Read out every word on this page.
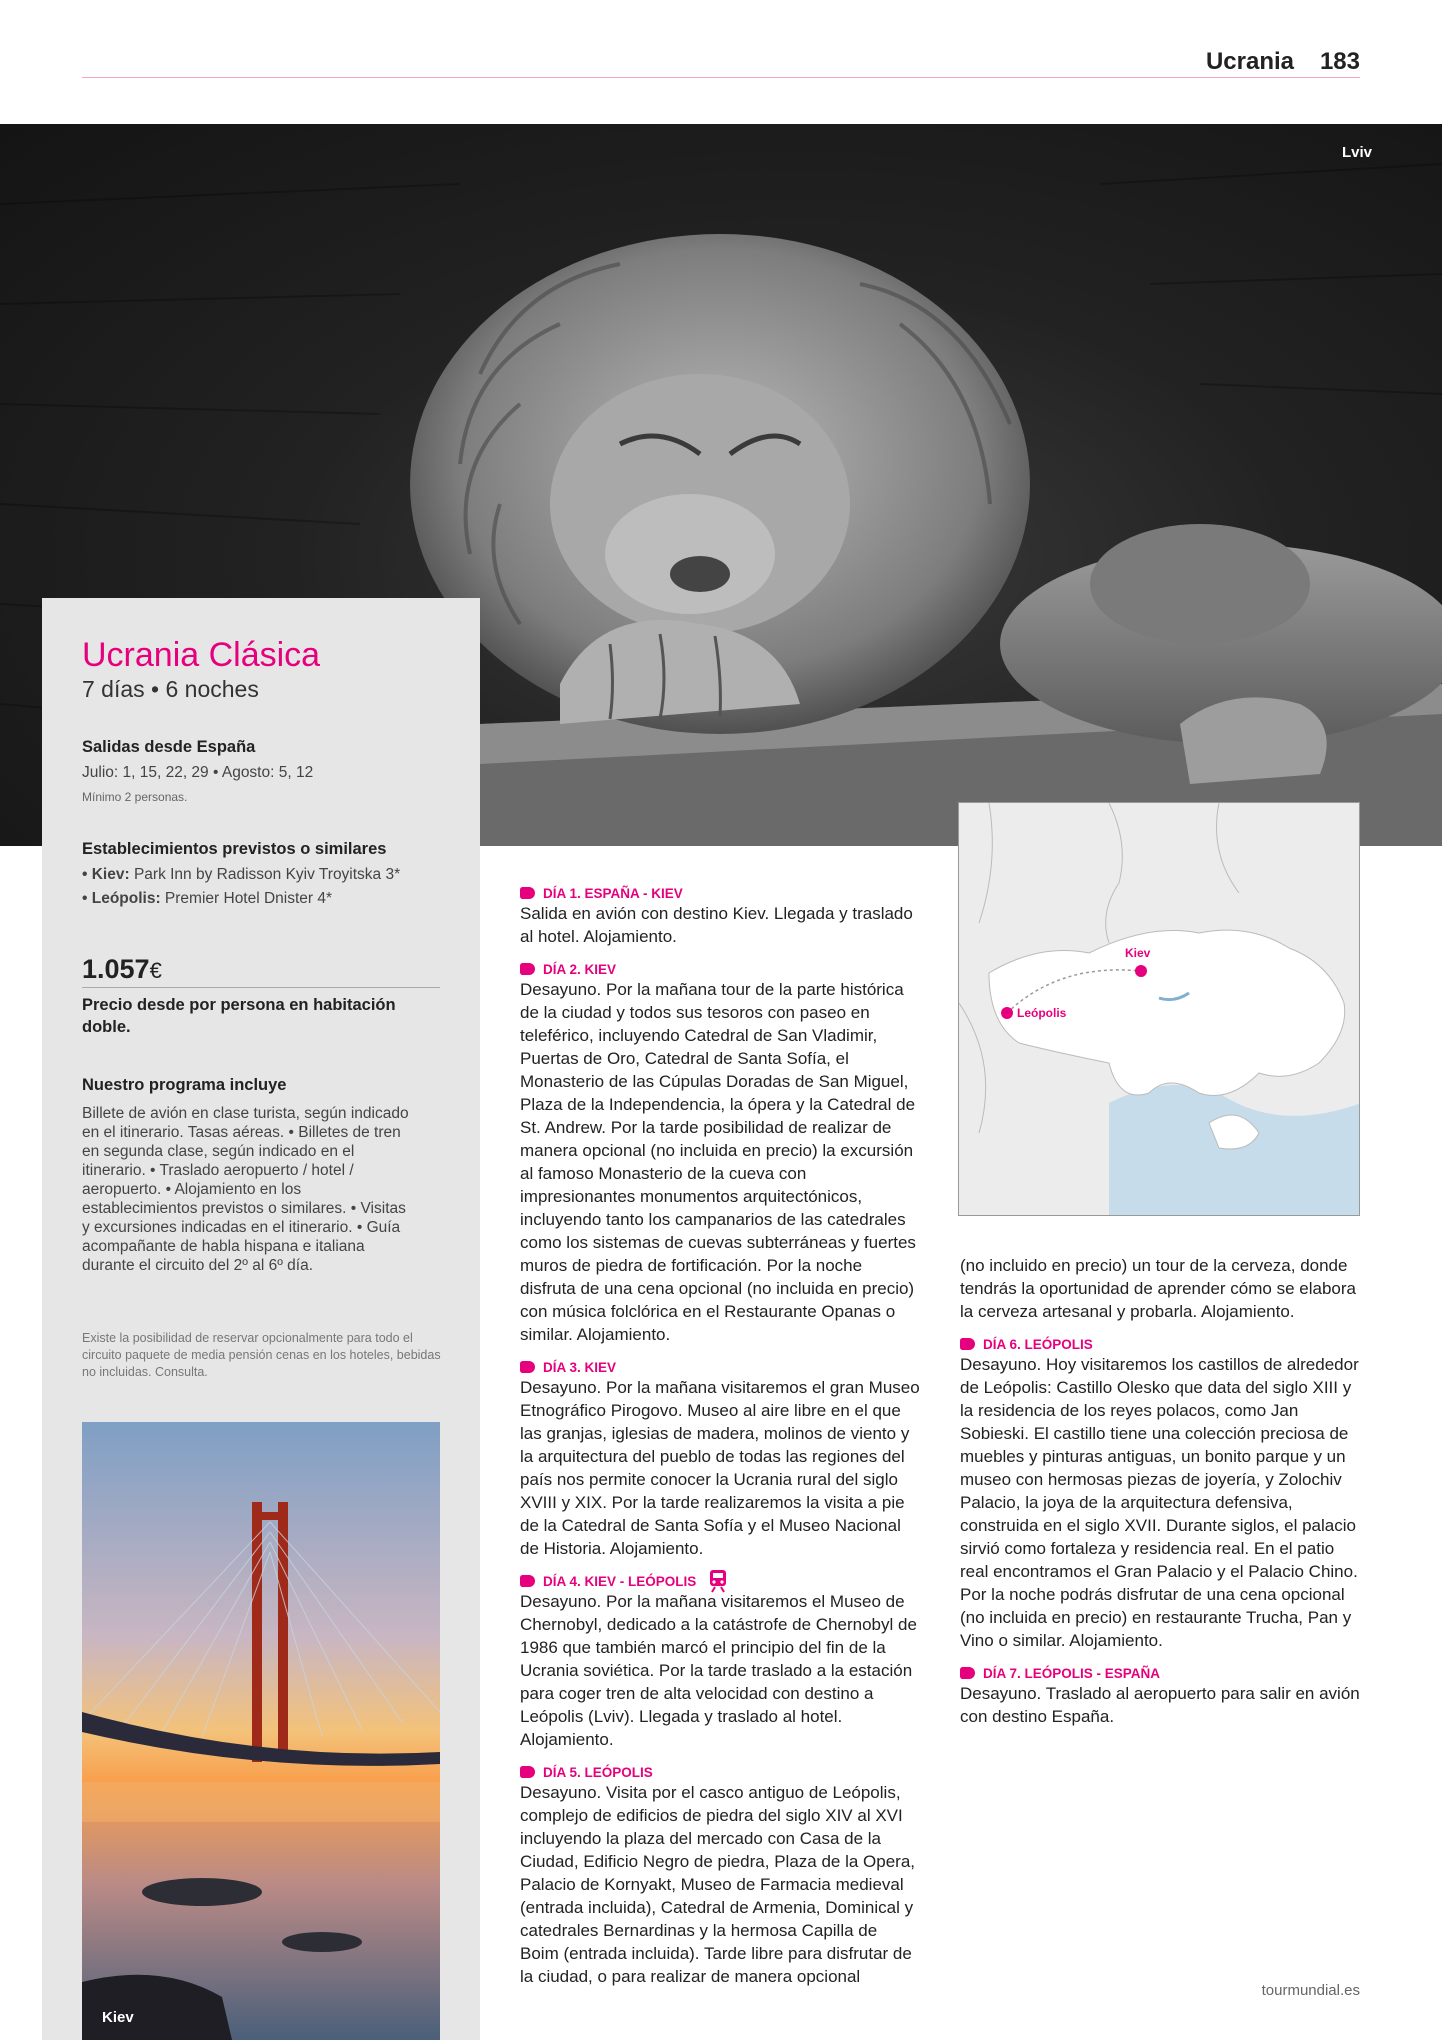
Ucrania 183
Lviv
Ucrania Clásica
7 días • 6 noches
Salidas desde España
Julio: 1, 15, 22, 29 • Agosto: 5, 12
Mínimo 2 personas.
Establecimientos previstos o similares
• Kiev: Park Inn by Radisson Kyiv Troyitska 3*
• Leópolis: Premier Hotel Dnister 4*
1.057€
Precio desde por persona en habitación doble.
Nuestro programa incluye
Billete de avión en clase turista, según indicado en el itinerario. Tasas aéreas. • Billetes de tren en segunda clase, según indicado en el itinerario. • Traslado aeropuerto / hotel / aeropuerto. • Alojamiento en los establecimientos previstos o similares. • Visitas y excursiones indicadas en el itinerario. • Guía acompañante de habla hispana e italiana durante el circuito del 2º al 6º día.
Existe la posibilidad de reservar opcionalmente para todo el circuito paquete de media pensión cenas en los hoteles, bebidas no incluidas. Consulta.
Kiev
Kiev
Leópolis
DÍA 1. ESPAÑA - KIEV
Salida en avión con destino Kiev. Llegada y traslado al hotel. Alojamiento.
DÍA 2. KIEV
Desayuno. Por la mañana tour de la parte histórica de la ciudad y todos sus tesoros con paseo en teleférico, incluyendo Catedral de San Vladimir, Puertas de Oro, Catedral de Santa Sofía, el Monasterio de las Cúpulas Doradas de San Miguel, Plaza de la Independencia, la ópera y la Catedral de St. Andrew. Por la tarde posibilidad de realizar de manera opcional (no incluida en precio) la excursión al famoso Monasterio de la cueva con impresionantes monumentos arquitectónicos, incluyendo tanto los campanarios de las catedrales como los sistemas de cuevas subterráneas y fuertes muros de piedra de fortificación. Por la noche disfruta de una cena opcional (no incluida en precio) con música folclórica en el Restaurante Opanas o similar. Alojamiento.
DÍA 3. KIEV
Desayuno. Por la mañana visitaremos el gran Museo Etnográfico Pirogovo. Museo al aire libre en el que las granjas, iglesias de madera, molinos de viento y la arquitectura del pueblo de todas las regiones del país nos permite conocer la Ucrania rural del siglo XVIII y XIX. Por la tarde realizaremos la visita a pie de la Catedral de Santa Sofía y el Museo Nacional de Historia. Alojamiento.
DÍA 4. KIEV - LEÓPOLIS
Desayuno. Por la mañana visitaremos el Museo de Chernobyl, dedicado a la catástrofe de Chernobyl de 1986 que también marcó el principio del fin de la Ucrania soviética. Por la tarde traslado a la estación para coger tren de alta velocidad con destino a Leópolis (Lviv). Llegada y traslado al hotel. Alojamiento.
DÍA 5. LEÓPOLIS
Desayuno. Visita por el casco antiguo de Leópolis, complejo de edificios de piedra del siglo XIV al XVI incluyendo la plaza del mercado con Casa de la Ciudad, Edificio Negro de piedra, Plaza de la Opera, Palacio de Kornyakt, Museo de Farmacia medieval (entrada incluida), Catedral de Armenia, Dominical y catedrales Bernardinas y la hermosa Capilla de Boim (entrada incluida). Tarde libre para disfrutar de la ciudad, o para realizar de manera opcional
(no incluido en precio) un tour de la cerveza, donde tendrás la oportunidad de aprender cómo se elabora la cerveza artesanal y probarla. Alojamiento.
DÍA 6. LEÓPOLIS
Desayuno. Hoy visitaremos los castillos de alrededor de Leópolis: Castillo Olesko que data del siglo XIII y la residencia de los reyes polacos, como Jan Sobieski. El castillo tiene una colección preciosa de muebles y pinturas antiguas, un bonito parque y un museo con hermosas piezas de joyería, y Zolochiv Palacio, la joya de la arquitectura defensiva, construida en el siglo XVII. Durante siglos, el palacio sirvió como fortaleza y residencia real. En el patio real encontramos el Gran Palacio y el Palacio Chino. Por la noche podrás disfrutar de una cena opcional (no incluida en precio) en restaurante Trucha, Pan y Vino o similar. Alojamiento.
DÍA 7. LEÓPOLIS - ESPAÑA
Desayuno. Traslado al aeropuerto para salir en avión con destino España.
tourmundial.es
